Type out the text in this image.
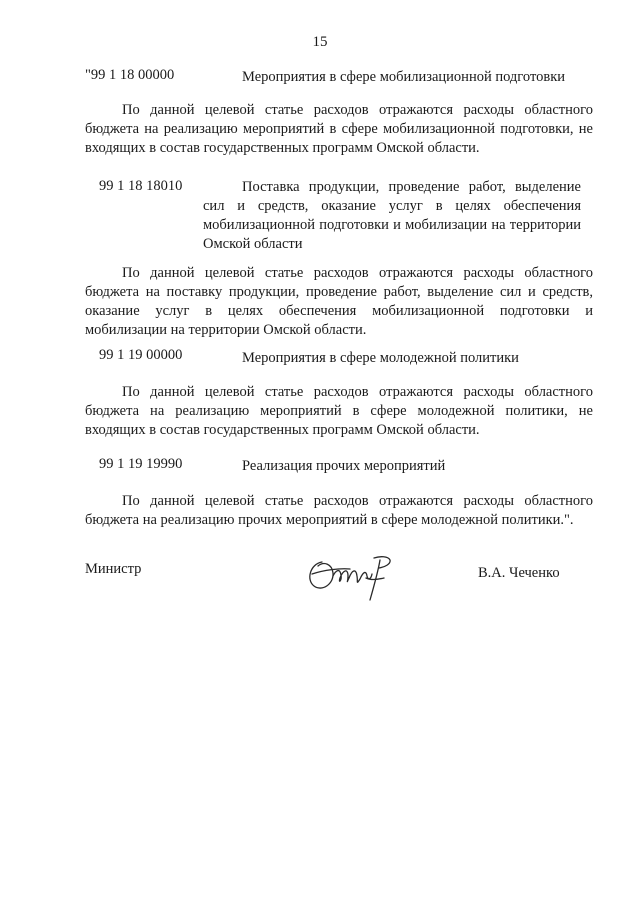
15
"99 1 18 00000	Мероприятия в сфере мобилизационной подготовки
По данной целевой статье расходов отражаются расходы областного бюджета на реализацию мероприятий в сфере мобилизационной подготовки, не входящих в состав государственных программ Омской области.
99 1 18 18010	Поставка продукции, проведение работ, выделение сил и средств, оказание услуг в целях обеспечения мобилизационной подготовки и мобилизации на территории Омской области
По данной целевой статье расходов отражаются расходы областного бюджета на поставку продукции, проведение работ, выделение сил и средств, оказание услуг в целях обеспечения мобилизационной подготовки и мобилизации на территории Омской области.
99 1 19 00000	Мероприятия в сфере молодежной политики
По данной целевой статье расходов отражаются расходы областного бюджета на реализацию мероприятий в сфере молодежной политики, не входящих в состав государственных программ Омской области.
99 1 19 19990	Реализация прочих мероприятий
По данной целевой статье расходов отражаются расходы областного бюджета на реализацию прочих мероприятий в сфере молодежной политики.".
Министр	В.А. Чеченко
